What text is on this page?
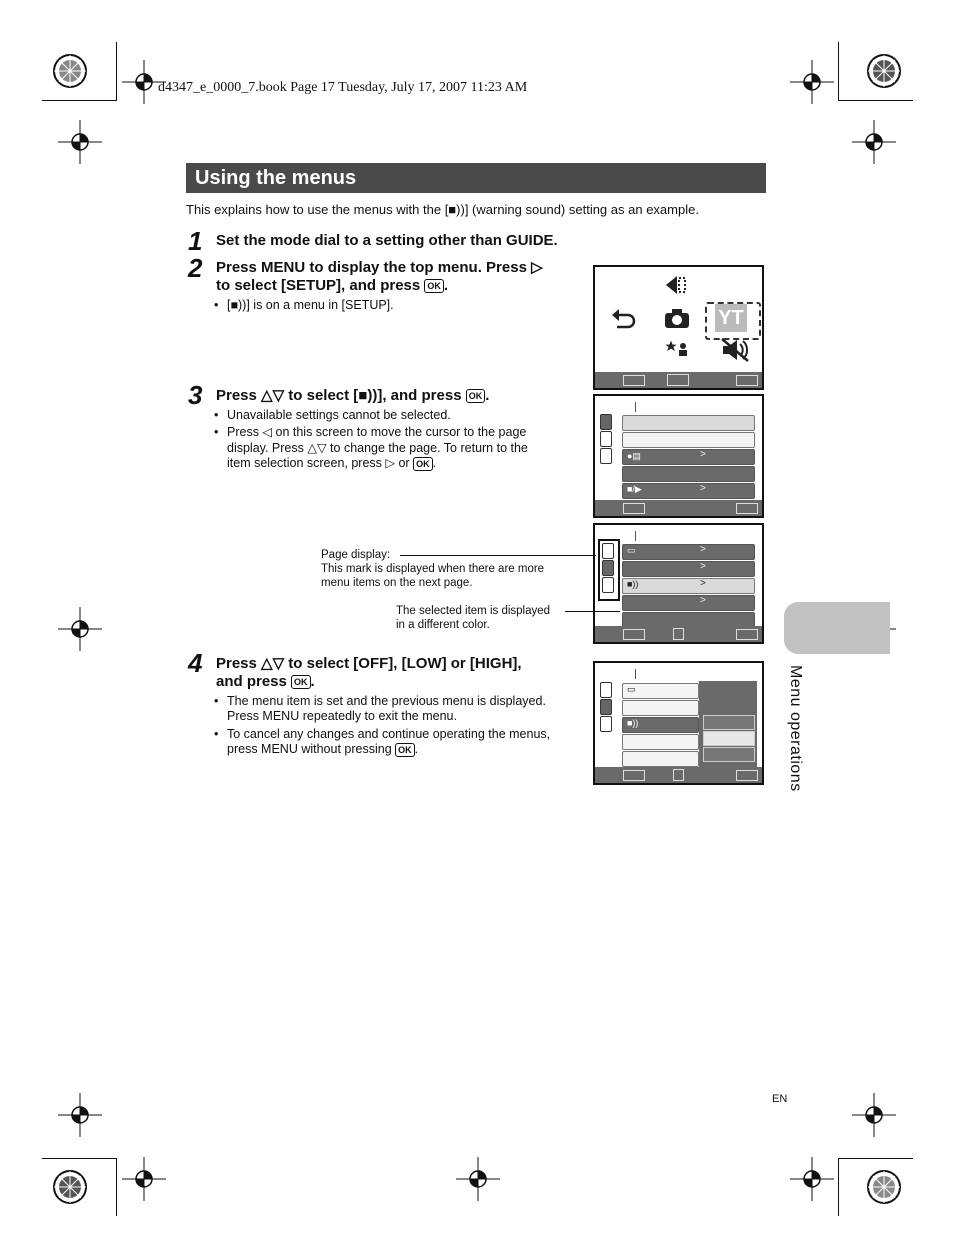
d4347_e_0000_7.book Page 17 Tuesday, July 17, 2007 11:23 AM
Using the menus
This explains how to use the menus with the [■))] (warning sound) setting as an example.
1 Set the mode dial to a setting other than GUIDE.
2 Press MENU to display the top menu. Press ▷
to select [SETUP], and press OK .
• [■))] is on a menu in [SETUP].
YT
3 Press △▽ to select [■))], and press OK .
• Unavailable settings cannot be selected.
• Press ◁ on this screen to move the cursor to the page
display. Press △▽ to change the page. To return to the
item selection screen, press ▷ or OK .	●▤	>
■/▶	>
▭	>
>
■))	>
>
Page display:
This mark is displayed when there are more
menu items on the next page.
The selected item is displayed
in a different color.
4 Press △▽ to select [OFF], [LOW] or [HIGH],
and press OK .
• The menu item is set and the previous menu is displayed.
Press MENU repeatedly to exit the menu.
• To cancel any changes and continue operating the menus,
press MENU without pressing OK .
▭
■))	Menu operations
EN
